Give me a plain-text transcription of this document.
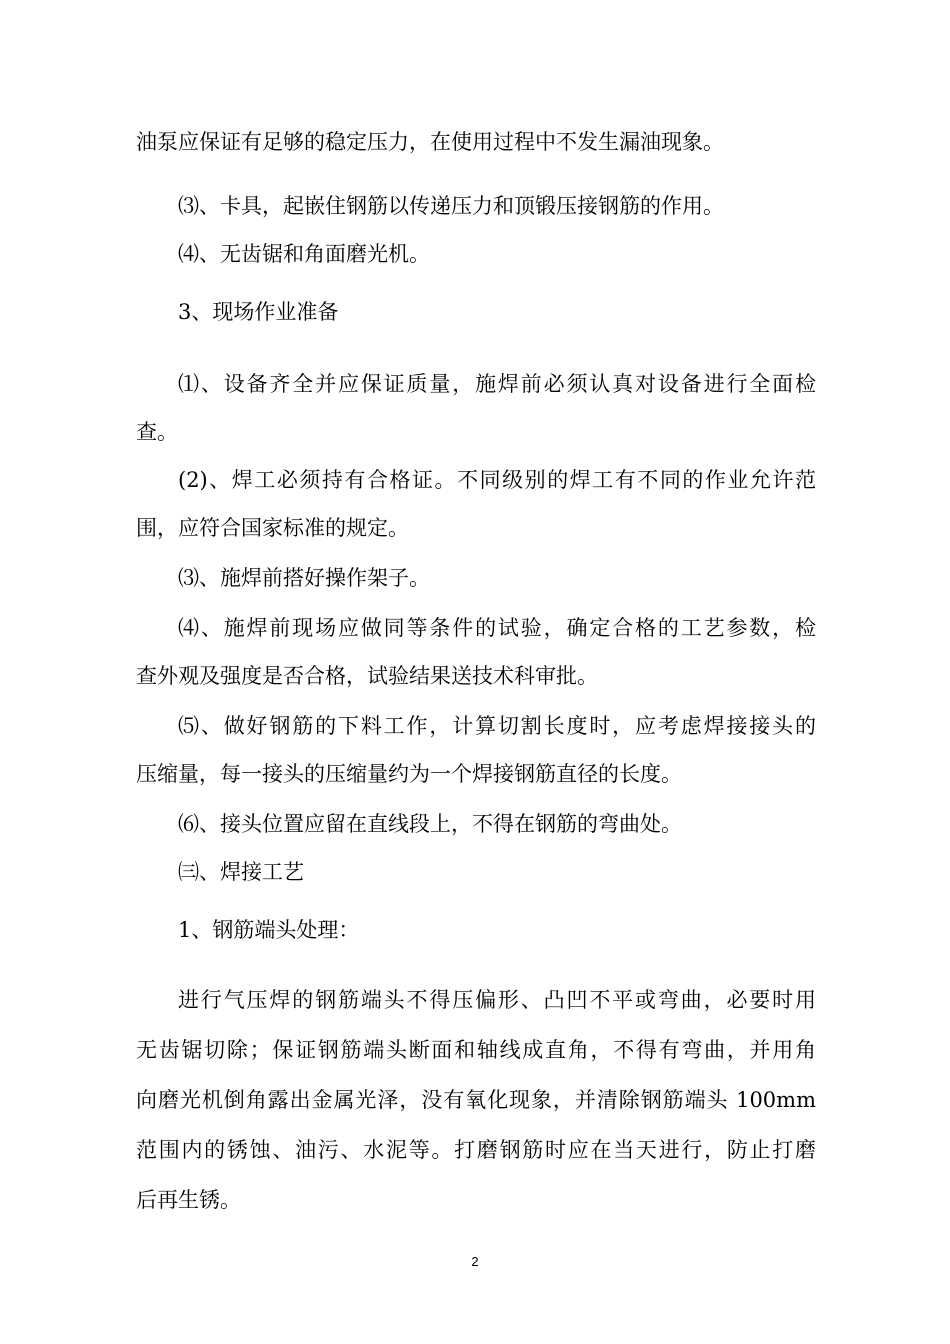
油泵应保证有足够的稳定压力，在使用过程中不发生漏油现象。
⑶、卡具，起嵌住钢筋以传递压力和顶锻压接钢筋的作用。
⑷、无齿锯和角面磨光机。
3、现场作业准备
⑴、设备齐全并应保证质量，施焊前必须认真对设备进行全面检
查。
(2)、焊工必须持有合格证。不同级别的焊工有不同的作业允许范
围，应符合国家标准的规定。
⑶、施焊前搭好操作架子。
⑷、施焊前现场应做同等条件的试验，确定合格的工艺参数，检
查外观及强度是否合格，试验结果送技术科审批。
⑸、做好钢筋的下料工作，计算切割长度时，应考虑焊接接头的
压缩量，每一接头的压缩量约为一个焊接钢筋直径的长度。
⑹、接头位置应留在直线段上，不得在钢筋的弯曲处。
㈢、焊接工艺
1、钢筋端头处理：
进行气压焊的钢筋端头不得压偏形、凸凹不平或弯曲，必要时用
无齿锯切除；保证钢筋端头断面和轴线成直角，不得有弯曲，并用角
向磨光机倒角露出金属光泽，没有氧化现象，并清除钢筋端头 100mm
范围内的锈蚀、油污、水泥等。打磨钢筋时应在当天进行，防止打磨
后再生锈。
2
